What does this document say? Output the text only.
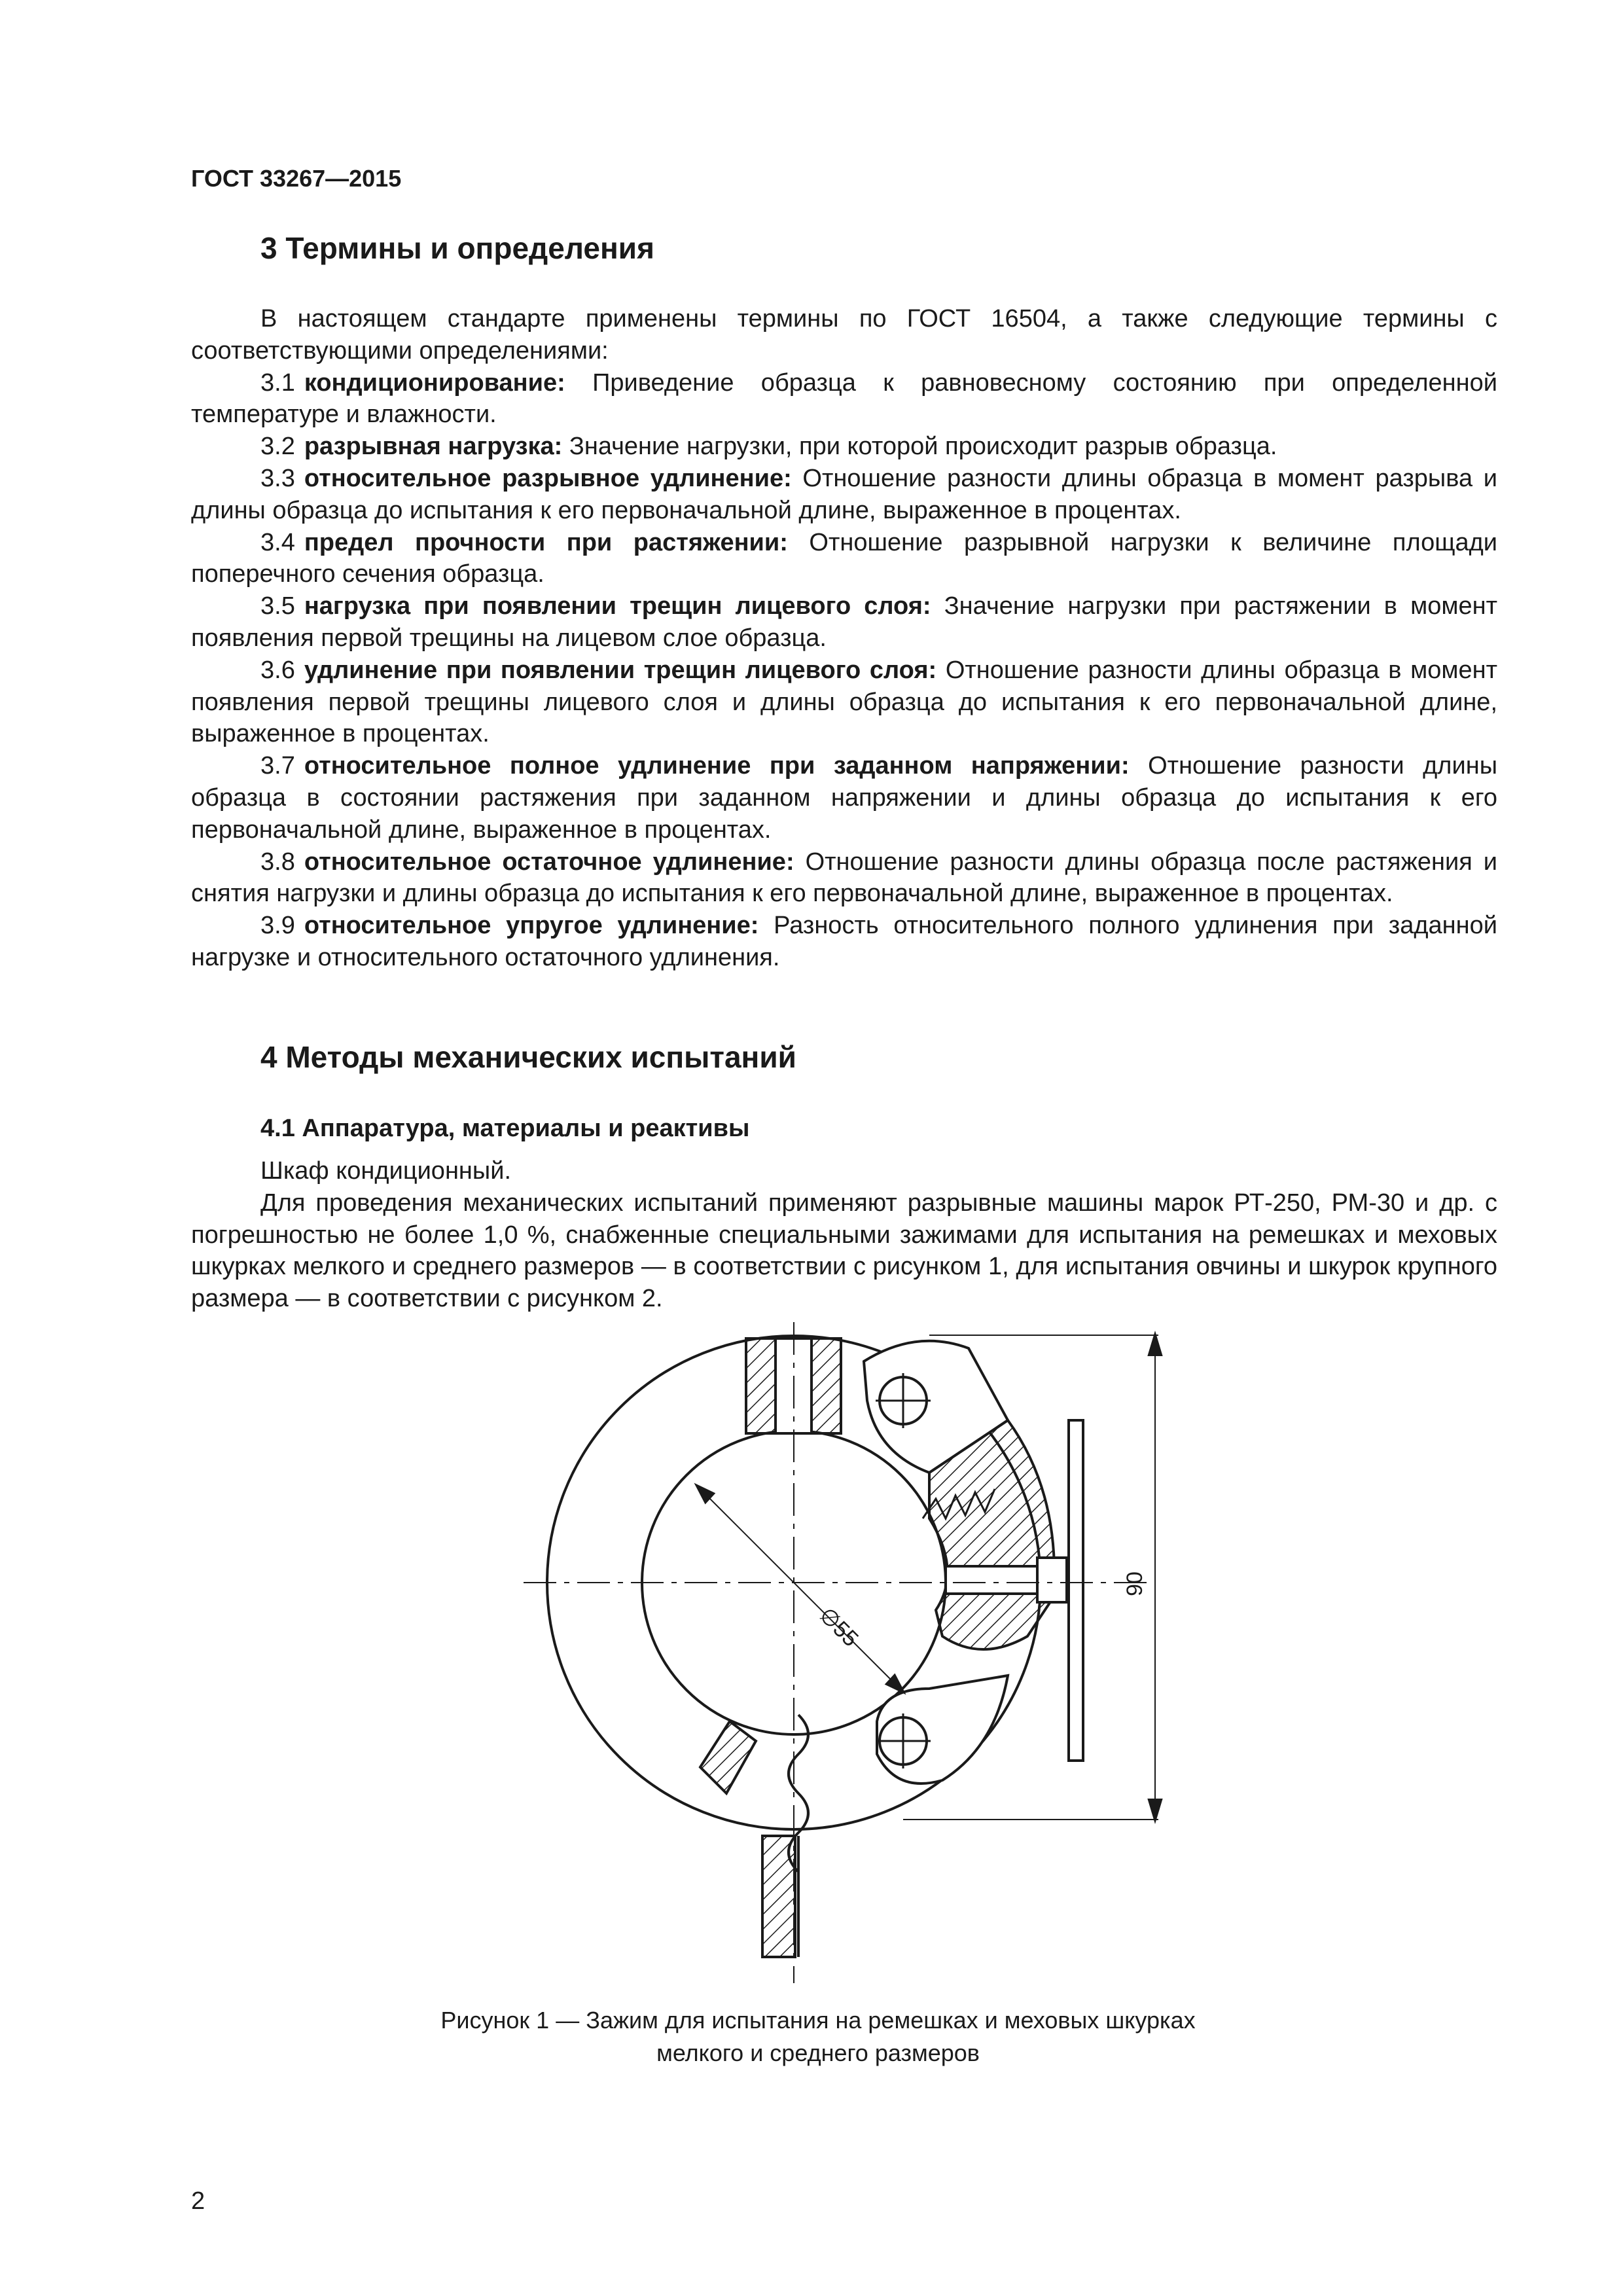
ГОСТ 33267—2015
3 Термины и определения

В настоящем стандарте применены термины по ГОСТ 16504, а также следующие термины с соответствующими определениями:

3.1 кондиционирование: Приведение образца к равновесному состоянию при определенной температуре и влажности.

3.2 разрывная нагрузка: Значение нагрузки, при которой происходит разрыв образца.

3.3 относительное разрывное удлинение: Отношение разности длины образца в момент разрыва и длины образца до испытания к его первоначальной длине, выраженное в процентах.

3.4 предел прочности при растяжении: Отношение разрывной нагрузки к величине площади поперечного сечения образца.

3.5 нагрузка при появлении трещин лицевого слоя: Значение нагрузки при растяжении в момент появления первой трещины на лицевом слое образца.

3.6 удлинение при появлении трещин лицевого слоя: Отношение разности длины образца в момент появления первой трещины лицевого слоя и длины образца до испытания к его первоначальной длине, выраженное в процентах.

3.7 относительное полное удлинение при заданном напряжении: Отношение разности длины образца в состоянии растяжения при заданном напряжении и длины образца до испытания к его первоначальной длине, выраженное в процентах.

3.8 относительное остаточное удлинение: Отношение разности длины образца после растяжения и снятия нагрузки и длины образца до испытания к его первоначальной длине, выраженное в процентах.

3.9 относительное упругое удлинение: Разность относительного полного удлинения при заданной нагрузке и относительного остаточного удлинения.

4 Методы механических испытаний
4.1 Аппаратура, материалы и реактивы

Шкаф кондиционный.

Для проведения механических испытаний применяют разрывные машины марок РТ-250, РМ-30 и др. с погрешностью не более 1,0 %, снабженные специальными зажимами для испытания на ремешках и меховых шкурках мелкого и среднего размеров — в соответствии с рисунком 1, для испытания овчины и шкурок крупного размера — в соответствии с рисунком 2.

∅55
90
Рисунок 1 — Зажим для испытания на ремешках и меховых шкурках
мелкого и среднего размеров
2
